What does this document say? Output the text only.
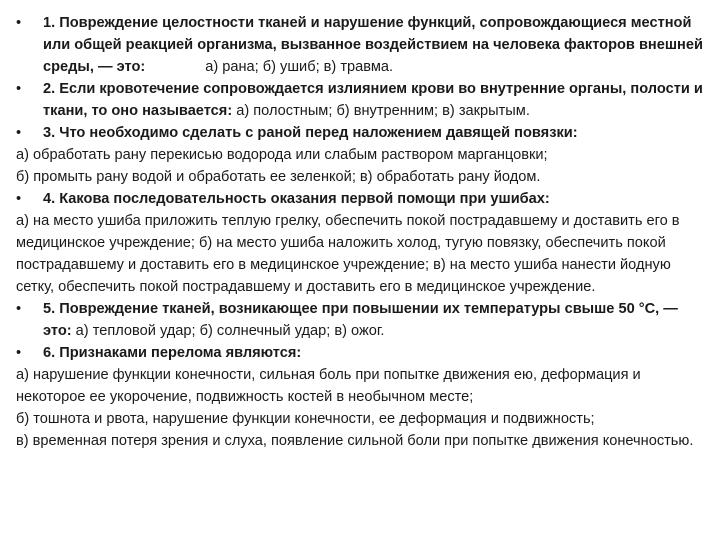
•	1. Повреждение целостности тканей и нарушение функций, сопровождающиеся местной или общей реакцией организма, вызванное воздействием на человека факторов внешней среды, — это:	а) рана; б) ушиб; в) травма.
•	2. Если кровотечение сопровождается излиянием крови во внутренние органы, полости и ткани, то оно называется: а) полостным; б) внутренним; в) закрытым.
•	3. Что необходимо сделать с раной перед наложением давящей повязки:
а) обработать рану перекисью водорода или слабым раствором марганцовки;
б) промыть рану водой и обработать ее зеленкой; в) обработать рану йодом.
•	4. Какова последовательность оказания первой помощи при ушибах:
а) на место ушиба приложить теплую грелку, обеспечить покой пострадавшему и доставить его в медицинское учреждение; б) на место ушиба наложить холод, тугую повязку, обеспечить покой пострадавшему и доставить его в медицинское учреждение; в) на место ушиба нанести йодную сетку, обеспечить покой пострадавшему и доставить его в медицинское учреждение.
•	5. Повреждение тканей, возникающее при повышении их температуры свыше 50 °С, — это: а) тепловой удар; б) солнечный удар; в) ожог.
•	6. Признаками перелома являются:
а) нарушение функции конечности, сильная боль при попытке движения ею, деформация и некоторое ее укорочение, подвижность костей в необычном месте;
б) тошнота и рвота, нарушение функции конечности, ее деформация и подвижность;
в) временная потеря зрения и слуха, появление сильной боли при попытке движения конечностью.
